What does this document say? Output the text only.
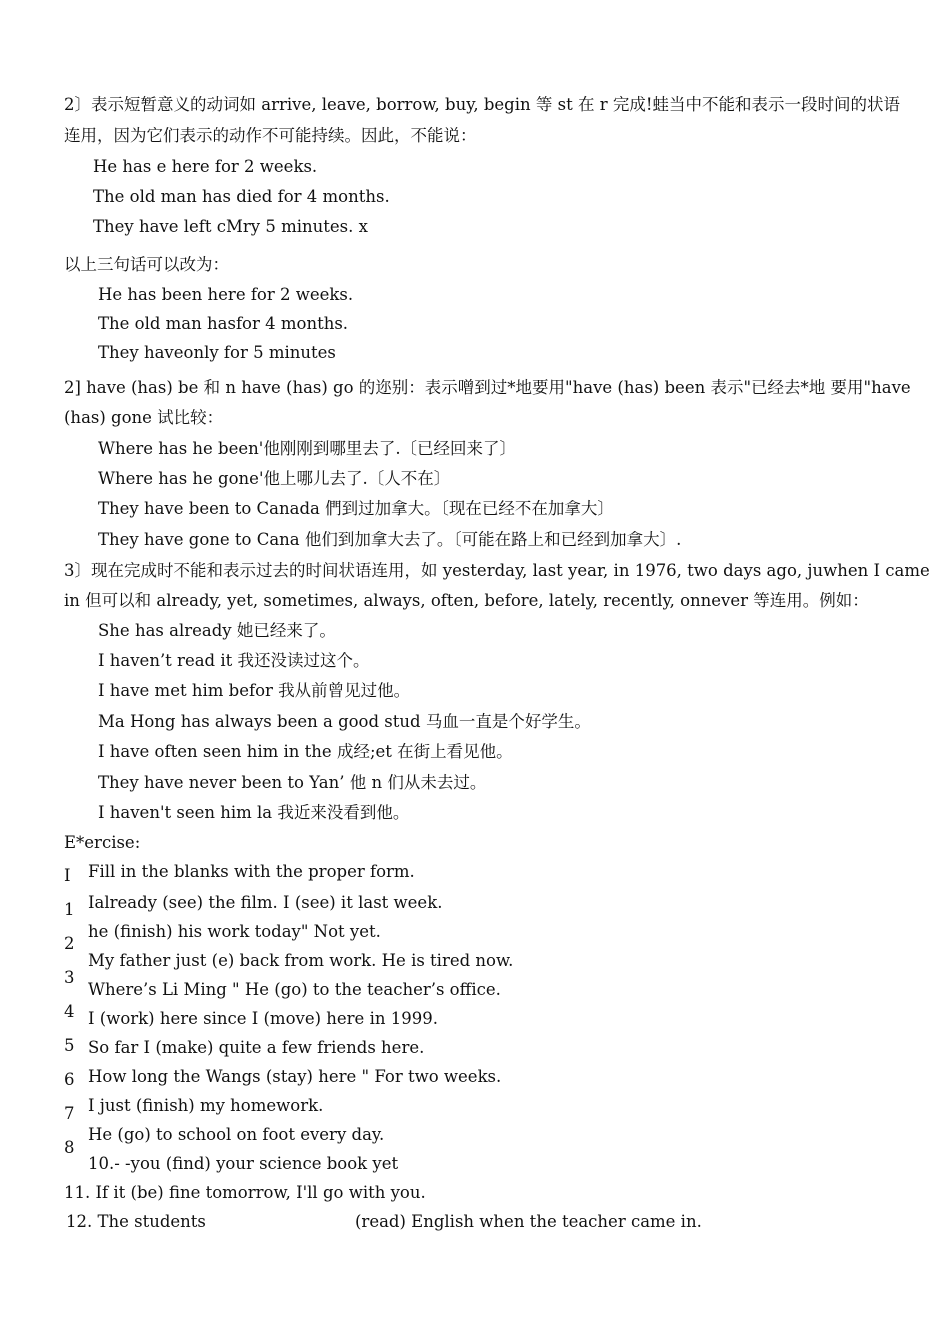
2〕表示短暂意义的动词如 arrive, leave, borrow, buy, begin 等 st 在 r 完成!蛙当中不能和表示一段时间的状语
连用，因为它们表示的动作不可能持续。因此，不能说：
He has e here for 2 weeks.
The old man has died for 4 months.
They have left cMry 5 minutes. x
以上三句话可以改为：
He has been here for 2 weeks.
The old man hasfor 4 months.
They haveonly for 5 minutes
2] have (has) be 和 n have (has) go 的迩别：表示噌到过*地要用"have (has) been 表示"已经去*地 要用"have
(has) gone 试比较：
Where has he been'他刚刚到哪里去了.〔已经回来了〕
Where has he gone'他上哪儿去了.〔人不在〕
They have been to Canada 們到过加拿大。〔现在已经不在加拿大〕
They have gone to Cana 他们到加拿大去了。〔可能在路上和已经到加拿大〕.
3〕现在完成时不能和表示过去的时间状语连用，如 yesterday, last year, in 1976, two days ago, juwhen I came
in 但可以和 already, yet, sometimes, always, often, before, lately, recently, onnever 等连用。例如：
She has already 她已经来了。
I haven’t read it 我还没读过这个。
I have met him befor 我从前曾见过他。
Ma Hong has always been a good stud 马血一直是个好学生。
I have often seen him in the 成经;et 在街上看见他。
They have never been to Yan’ 他 n 们从未去过。
I haven't seen him la 我近来没看到他。
E*ercise:
I
1
2
3
4
5
6
7
8
Fill in the blanks with the proper form.
Ialready (see) the film. I (see) it last week.
he (finish) his work today" Not yet.
My father just (e) back from work. He is tired now.
Where’s Li Ming " He (go) to the teacher’s office.
I (work) here since I (move) here in 1999.
So far I (make) quite a few friends here.
How long the Wangs (stay) here " For two weeks.
I just (finish) my homework.
He (go) to school on foot every day.
10.- -you (find) your science book yet
11. If it (be) fine tomorrow, I'll go with you.
12. The students	(read) English when the teacher came in.
